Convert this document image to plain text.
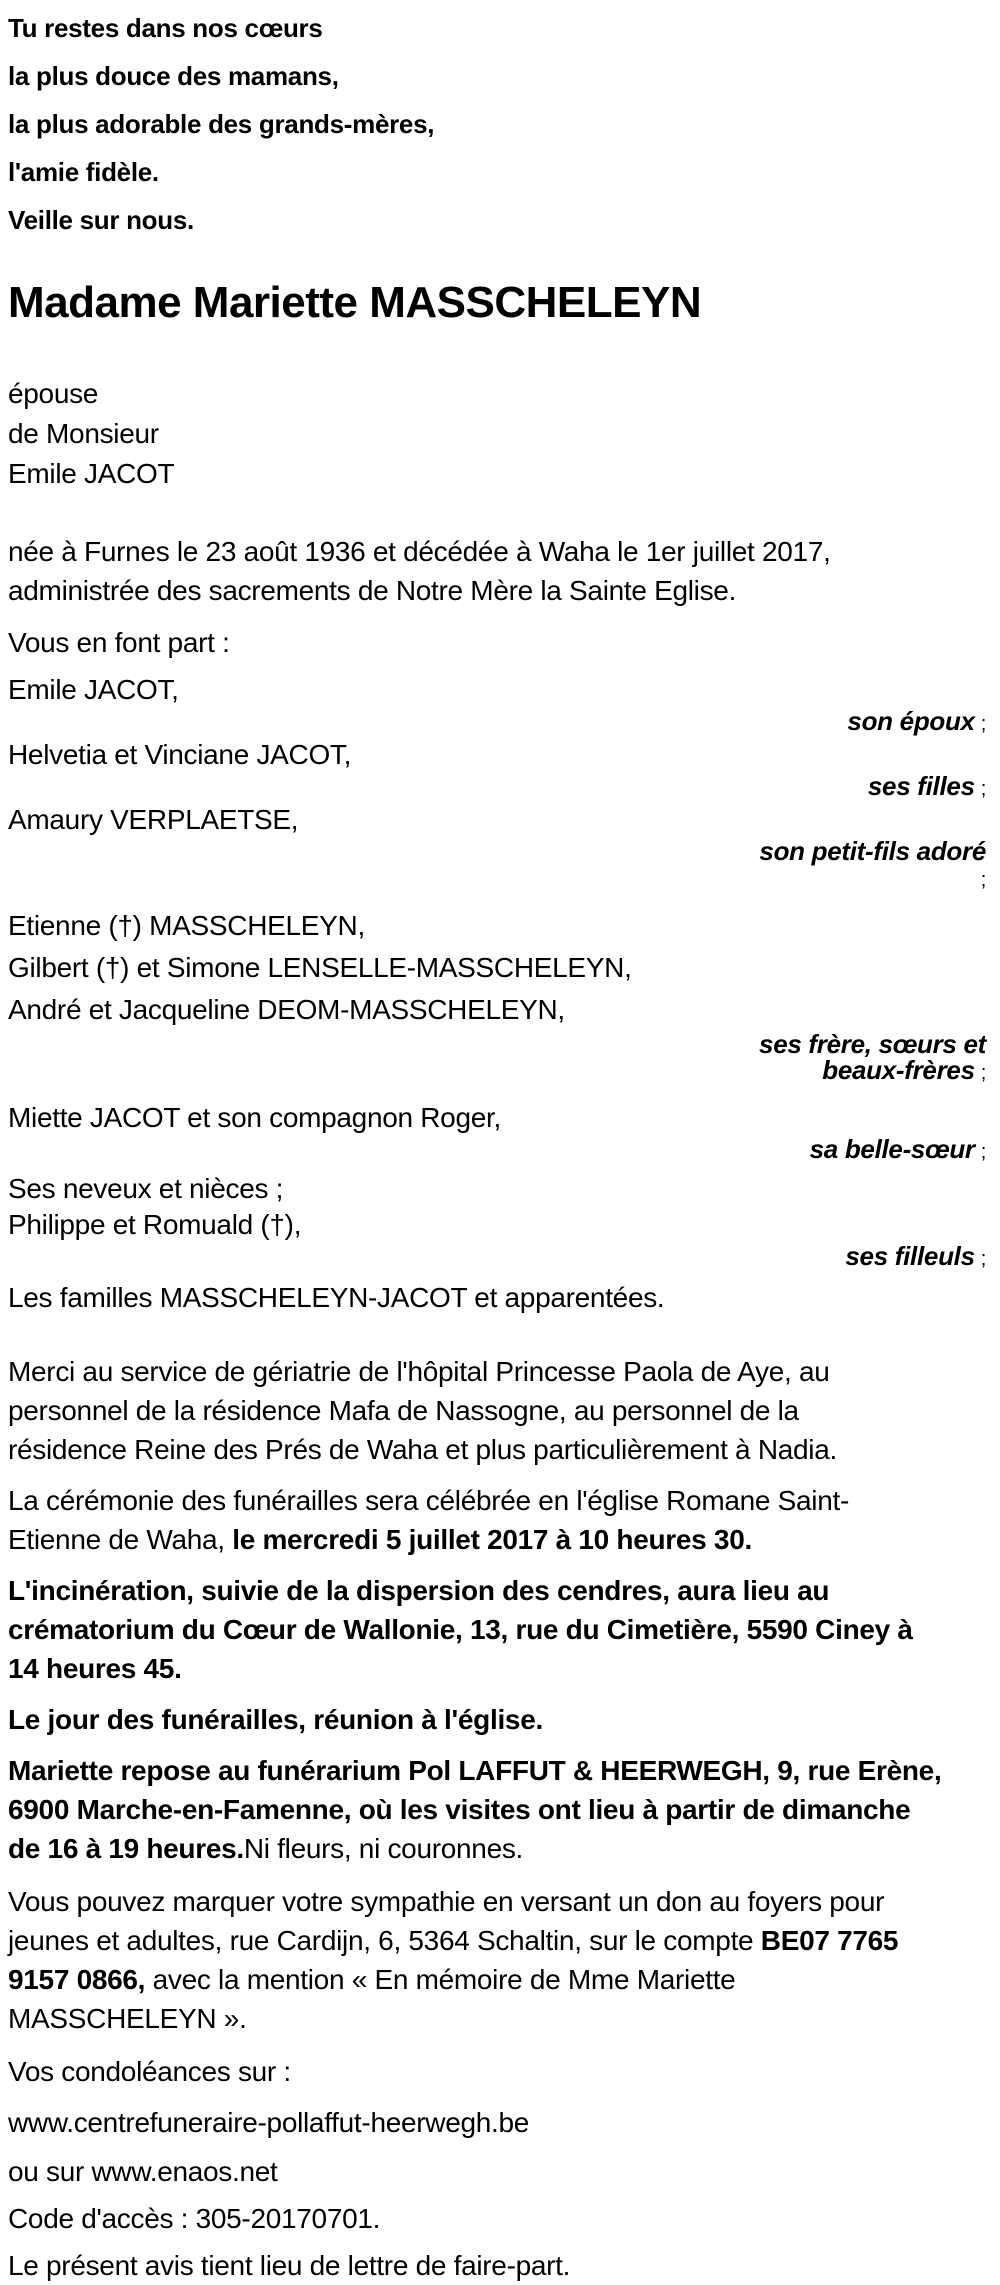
Tu restes dans nos cœurs
la plus douce des mamans,
la plus adorable des grands-mères,
l'amie fidèle.
Veille sur nous.
Madame Mariette MASSCHELEYN
épouse
de Monsieur
Emile JACOT
née à Furnes le 23 août 1936 et décédée à Waha le 1er juillet 2017,
administrée des sacrements de Notre Mère la Sainte Eglise.
Vous en font part :
Emile JACOT,
son époux ;
Helvetia et Vinciane JACOT,
ses filles ;
Amaury VERPLAETSE,
son petit-fils adoré
;
Etienne (†) MASSCHELEYN,
Gilbert (†) et Simone LENSELLE-MASSCHELEYN,
André et Jacqueline DEOM-MASSCHELEYN,
ses frère, sœurs et
beaux-frères ;
Miette JACOT et son compagnon Roger,
sa belle-sœur ;
Ses neveux et nièces ;
Philippe et Romuald (†),
ses filleuls ;
Les familles MASSCHELEYN-JACOT et apparentées.
Merci au service de gériatrie de l'hôpital Princesse Paola de Aye, au
personnel de la résidence Mafa de Nassogne, au personnel de la
résidence Reine des Prés de Waha et plus particulièrement à Nadia.
La cérémonie des funérailles sera célébrée en l'église Romane Saint-
Etienne de Waha, le mercredi 5 juillet 2017 à 10 heures 30.
L'incinération, suivie de la dispersion des cendres, aura lieu au
crématorium du Cœur de Wallonie, 13, rue du Cimetière, 5590 Ciney à
14 heures 45.
Le jour des funérailles, réunion à l'église.
Mariette repose au funérarium Pol LAFFUT & HEERWEGH, 9, rue Erène,
6900 Marche-en-Famenne, où les visites ont lieu à partir de dimanche
de 16 à 19 heures.Ni fleurs, ni couronnes.
Vous pouvez marquer votre sympathie en versant un don au foyers pour
jeunes et adultes, rue Cardijn, 6, 5364 Schaltin, sur le compte BE07 7765
9157 0866, avec la mention « En mémoire de Mme Mariette
MASSCHELEYN ».
Vos condoléances sur :
www.centrefuneraire-pollaffut-heerwegh.be
ou sur www.enaos.net
Code d'accès : 305-20170701.
Le présent avis tient lieu de lettre de faire-part.
